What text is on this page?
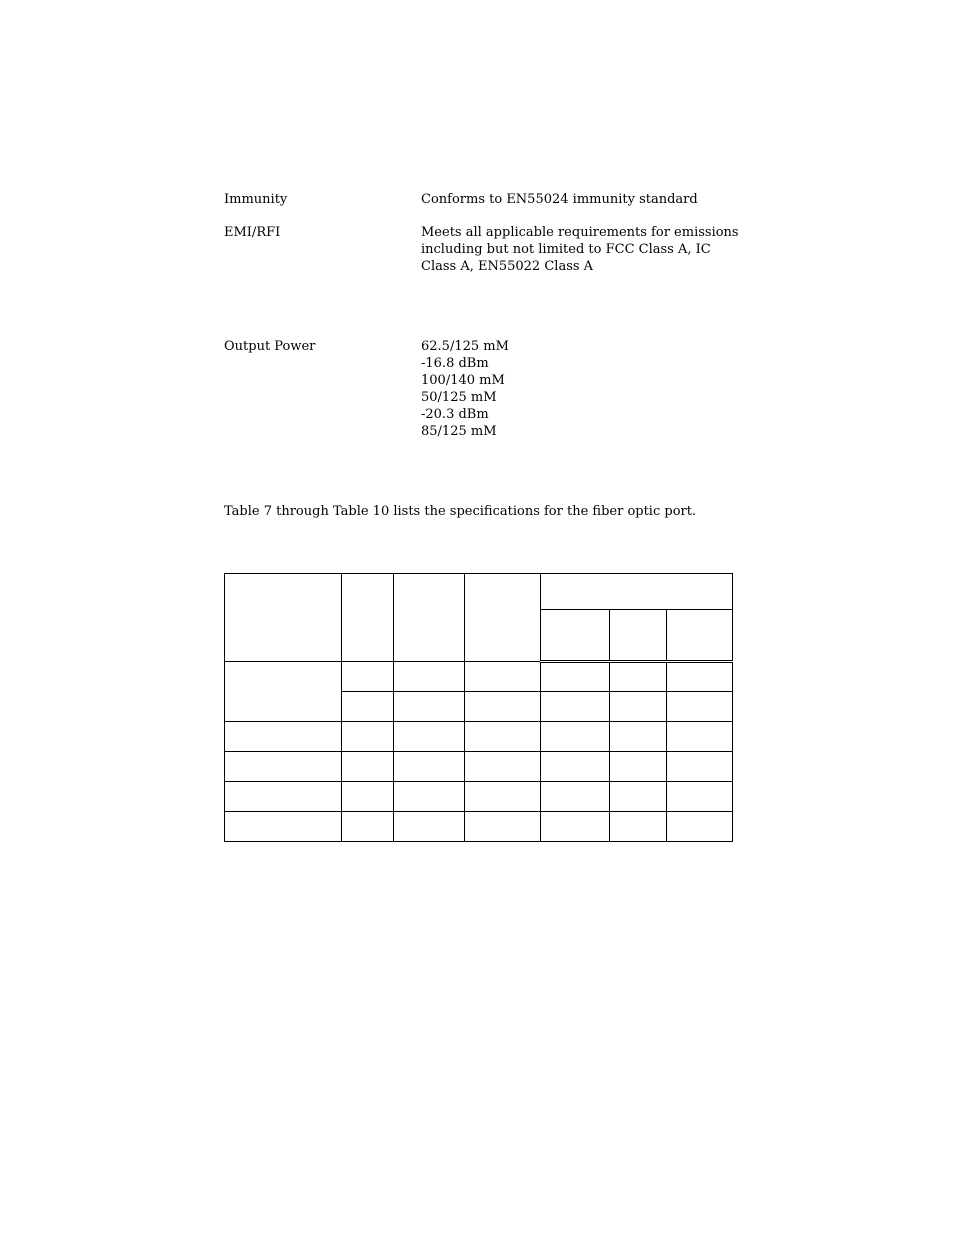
Immunity	Conforms to EN55024 immunity standard
EMI/RFI	Meets all applicable requirements for emissions
including but not limited to FCC Class A, IC
Class A, EN55022 Class A
Output Power	62.5/125 mM
-16.8 dBm
100/140 mM
50/125 mM
-20.3 dBm
85/125 mM
Table 7 through Table 10 lists the specifications for the fiber optic port.
